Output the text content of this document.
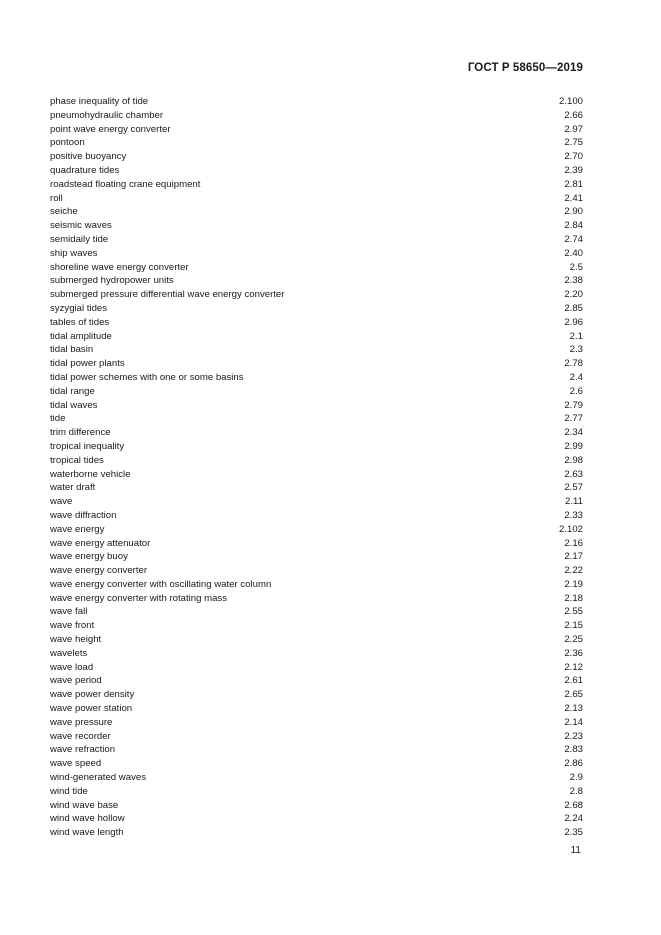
ГОСТ Р 58650—2019
phase inequality of tide	2.100
pneumohydraulic chamber	2.66
point wave energy converter	2.97
pontoon	2.75
positive buoyancy	2.70
quadrature tides	2.39
roadstead floating crane equipment	2.81
roll	2.41
seiche	2.90
seismic waves	2.84
semidaily tide	2.74
ship waves	2.40
shoreline wave energy converter	2.5
submerged hydropower units	2.38
submerged pressure differential wave energy converter	2.20
syzygial tides	2.85
tables of tides	2.96
tidal amplitude	2.1
tidal basin	2.3
tidal power plants	2.78
tidal power schemes with one or some basins	2.4
tidal range	2.6
tidal waves	2.79
tide	2.77
trim difference	2.34
tropical inequality	2.99
tropical tides	2.98
waterborne vehicle	2.63
water draft	2.57
wave	2.11
wave diffraction	2.33
wave energy	2.102
wave energy attenuator	2.16
wave energy buoy	2.17
wave energy converter	2.22
wave energy converter with oscillating water column	2.19
wave energy converter with rotating mass	2.18
wave fall	2.55
wave front	2.15
wave height	2.25
wavelets	2.36
wave load	2.12
wave period	2.61
wave power density	2.65
wave power station	2.13
wave pressure	2.14
wave recorder	2.23
wave refraction	2.83
wave speed	2.86
wind-generated waves	2.9
wind tide	2.8
wind wave base	2.68
wind wave hollow	2.24
wind wave length	2.35
11
